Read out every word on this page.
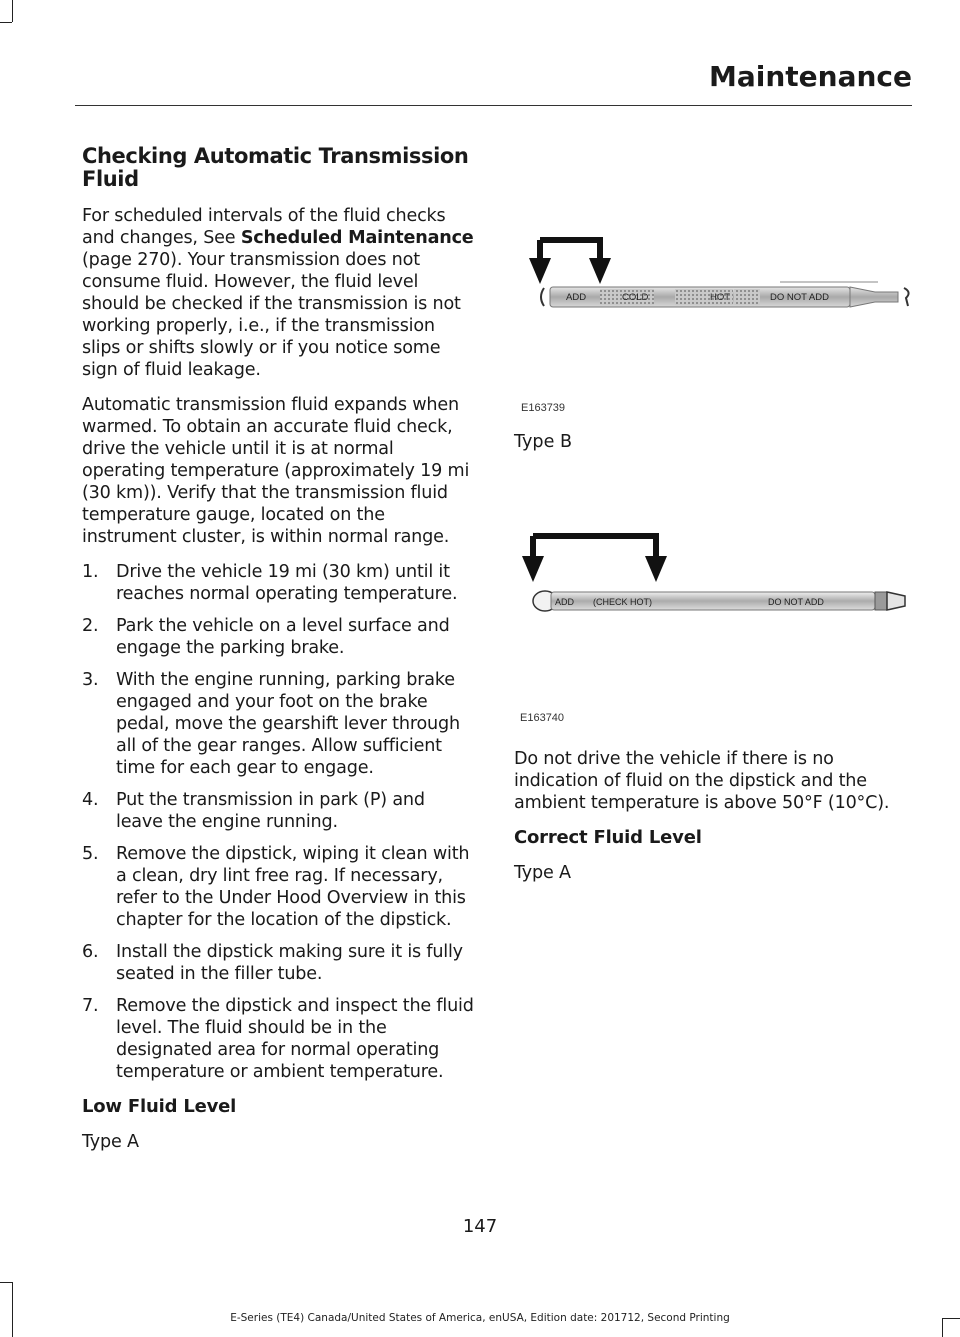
Maintenance
Checking Automatic Transmission Fluid

For scheduled intervals of the fluid checks and changes, See Scheduled Maintenance (page 270). Your transmission does not consume fluid. However, the fluid level should be checked if the transmission is not working properly, i.e., if the transmission slips or shifts slowly or if you notice some sign of fluid leakage.

Automatic transmission fluid expands when warmed. To obtain an accurate fluid check, drive the vehicle until it is at normal operating temperature (approximately 19 mi (30 km)). Verify that the transmission fluid temperature gauge, located on the instrument cluster, is within normal range.

1. Drive the vehicle 19 mi (30 km) until it reaches normal operating temperature.
2. Park the vehicle on a level surface and engage the parking brake.
3. With the engine running, parking brake engaged and your foot on the brake pedal, move the gearshift lever through all of the gear ranges. Allow sufficient time for each gear to engage.
4. Put the transmission in park (P) and leave the engine running.
5. Remove the dipstick, wiping it clean with a clean, dry lint free rag. If necessary, refer to the Under Hood Overview in this chapter for the location of the dipstick.
6. Install the dipstick making sure it is fully seated in the filler tube.
7. Remove the dipstick and inspect the fluid level. The fluid should be in the designated area for normal operating temperature or ambient temperature.
Low Fluid Level

Type A

ADD	COLD	HOT	DO NOT ADD
E163739
Type B
ADD (CHECK HOT)	DO NOT ADD
E163740

Do not drive the vehicle if there is no indication of fluid on the dipstick and the ambient temperature is above 50°F (10°C).

Correct Fluid Level

Type A

147
E-Series (TE4) Canada/United States of America, enUSA, Edition date: 201712, Second Printing
